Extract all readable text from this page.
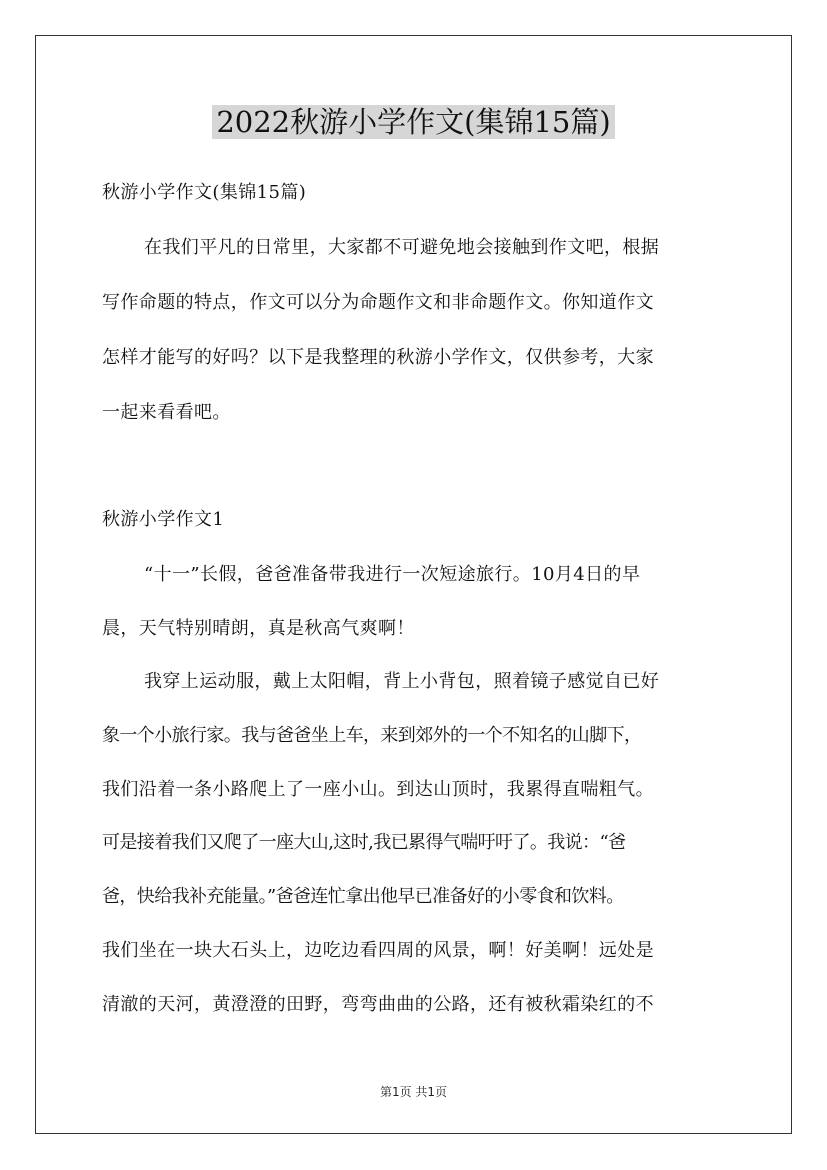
2022秋游小学作文(集锦15篇)
秋游小学作文(集锦15篇)
在我们平凡的日常里，大家都不可避免地会接触到作文吧，根据
写作命题的特点，作文可以分为命题作文和非命题作文。你知道作文
怎样才能写的好吗？以下是我整理的秋游小学作文，仅供参考，大家
一起来看看吧。
秋游小学作文1
“十一”长假，爸爸准备带我进行一次短途旅行。10月4日的早
晨，天气特别晴朗，真是秋高气爽啊！
我穿上运动服，戴上太阳帽，背上小背包，照着镜子感觉自已好
象一个小旅行家。我与爸爸坐上车，来到郊外的一个不知名的山脚下，
我们沿着一条小路爬上了一座小山。到达山顶时，我累得直喘粗气。
可是接着我们又爬了一座大山,这时,我已累得气喘吁吁了。我说：“爸
爸，快给我补充能量。”爸爸连忙拿出他早已准备好的小零食和饮料。
我们坐在一块大石头上，边吃边看四周的风景，啊！好美啊！远处是
清澈的天河，黄澄澄的田野，弯弯曲曲的公路，还有被秋霜染红的不
第1页 共1页
